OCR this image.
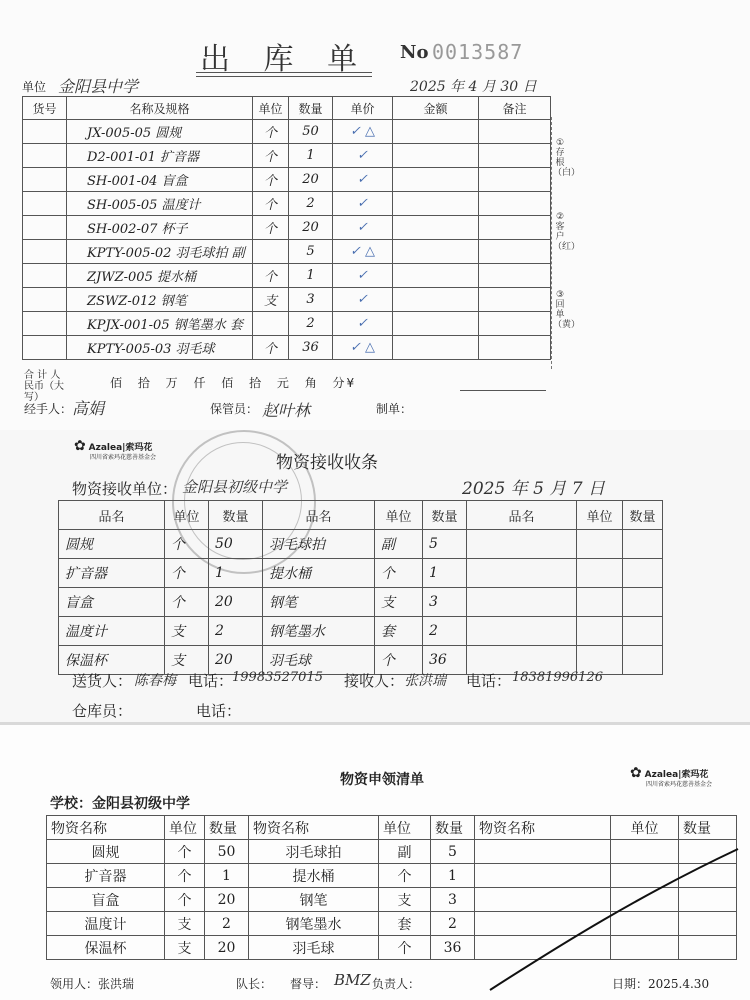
出 库 单 No 0013587
单位 金阳县中学	2025 年 4 月 30 日
货号	名称及规格	单位	数量	单价	金额	备注
	JX-005-05 圆规	个	50	✓ △		
	D2-001-01 扩音器	个	1	✓		
	SH-001-04 盲盒	个	20	✓		
	SH-005-05 温度计	个	2	✓		
	SH-002-07 杯子	个	20	✓		
	KPTY-005-02 羽毛球拍 副		5	✓ △		
	ZJWZ-005 提水桶	个	1	✓		
	ZSWZ-012 钢笔	支	3	✓		
	KPJX-001-05 钢笔墨水 套		2	✓		
	KPTY-005-03 羽毛球	个	36	✓ △		

①存根（白）
②客户（红）
③回单（黄）
合 计 人民币（大写）
佰 拾 万 仟 佰 拾 元 角 分¥
经手人： 高娟	保管员： 赵叶林	制单：
✿ Azalea|索玛花
四川省索玛花慈善基金会	物资接收收条
物资接收单位： 金阳县初级中学	2025 年 5 月 7 日
品名	单位	数量	品名	单位	数量	品名	单位	数量
圆规	个	50	羽毛球拍	副	5			
扩音器	个	1	提水桶	个	1			
盲盒	个	20	钢笔	支	3			
温度计	支	2	钢笔墨水	套	2			
保温杯	支	20	羽毛球	个	36			
送货人： 陈春梅 电话：
19983527015 接收人： 张洪瑞 电话： 18381996126
仓库员：	电话：
物资申领清单	✿ Azalea|索玛花
四川省索玛花慈善基金会
学校：金阳县初级中学
物资名称	单位	数量	物资名称	单位	数量	物资名称	单位	数量
圆规	个	50	羽毛球拍	副	5			
扩音器	个	1	提水桶	个	1			
盲盒	个	20	钢笔	支	3			
温度计	支	2	钢笔墨水	套	2			
保温杯	支	20	羽毛球	个	36			
领用人：张洪瑞	队长： 督导： BMZ 负责人：	日期：2025.4.30
